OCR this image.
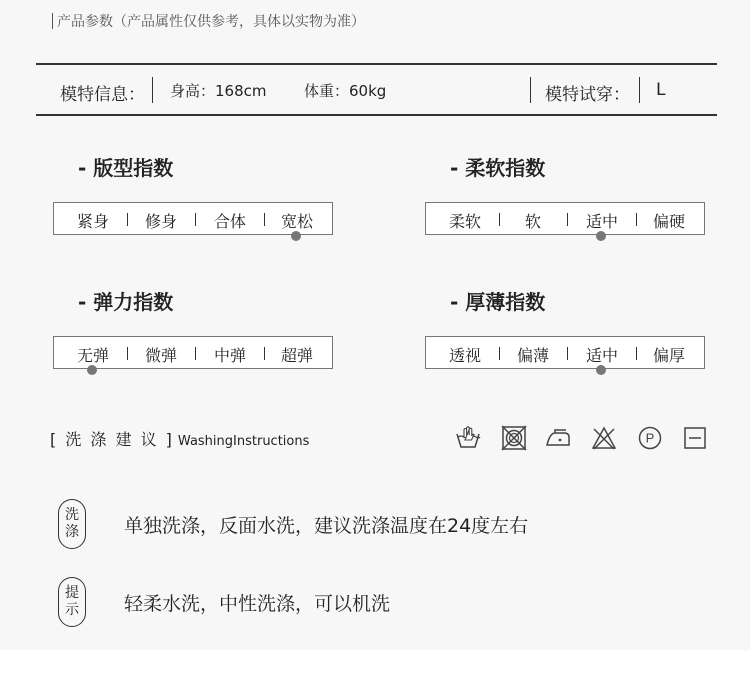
产品参数（产品属性仅供参考，具体以实物为准）
模特信息： 身高：168cm	体重：60kg	模特试穿： L
- 版型指数
紧身	修身	合体	宽松
- 柔软指数
柔软	软	适中	偏硬
- 弹力指数
无弹	微弹	中弹	超弹
- 厚薄指数
透视	偏薄	适中	偏厚
[ 洗 涤 建 议 ] WashingInstructions	P
洗
涤 单独洗涤，反面水洗，建议洗涤温度在24度左右
提
示 轻柔水洗，中性洗涤，可以机洗
